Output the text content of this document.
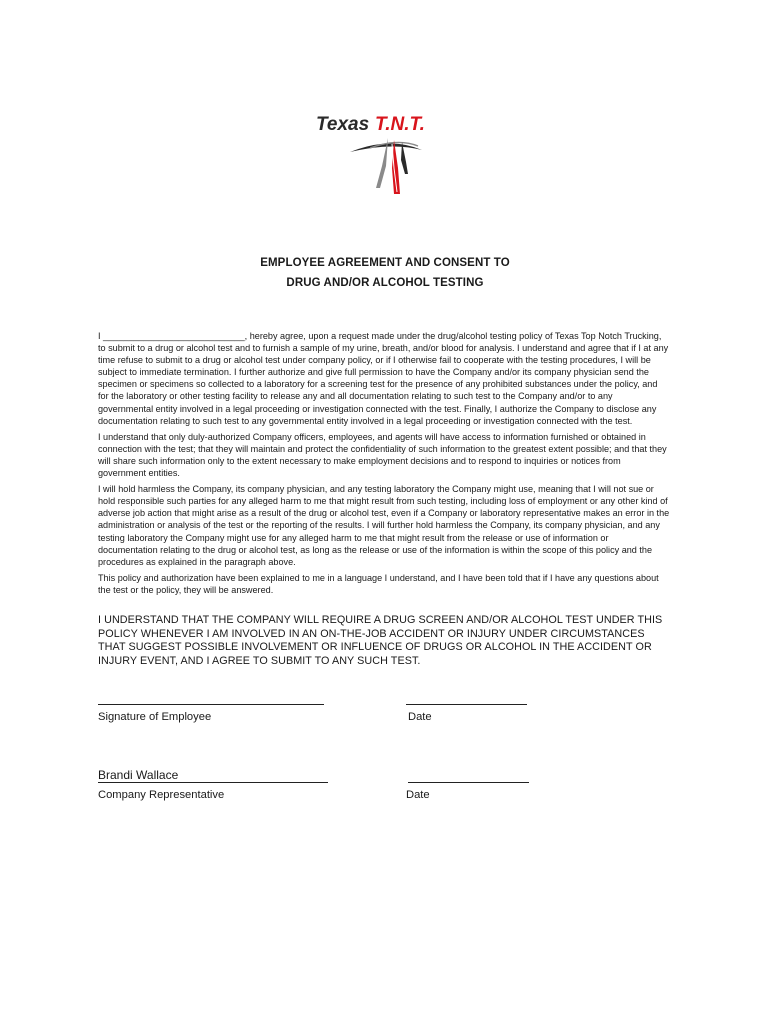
Texas T.N.T.
EMPLOYEE AGREEMENT AND CONSENT TO
DRUG AND/OR ALCOHOL TESTING

I ____________________________, hereby agree, upon a request made under the drug/alcohol testing policy of Texas Top Notch Trucking, to submit to a drug or alcohol test and to furnish a sample of my urine, breath, and/or blood for analysis. I understand and agree that if I at any time refuse to submit to a drug or alcohol test under company policy, or if I otherwise fail to cooperate with the testing procedures, I will be subject to immediate termination. I further authorize and give full permission to have the Company and/or its company physician send the specimen or specimens so collected to a laboratory for a screening test for the presence of any prohibited substances under the policy, and for the laboratory or other testing facility to release any and all documentation relating to such test to the Company and/or to any governmental entity involved in a legal proceeding or investigation connected with the test. Finally, I authorize the Company to disclose any documentation relating to such test to any governmental entity involved in a legal proceeding or investigation connected with the test.

I understand that only duly-authorized Company officers, employees, and agents will have access to information furnished or obtained in connection with the test; that they will maintain and protect the confidentiality of such information to the greatest extent possible; and that they will share such information only to the extent necessary to make employment decisions and to respond to inquiries or notices from government entities.

I will hold harmless the Company, its company physician, and any testing laboratory the Company might use, meaning that I will not sue or hold responsible such parties for any alleged harm to me that might result from such testing, including loss of employment or any other kind of adverse job action that might arise as a result of the drug or alcohol test, even if a Company or laboratory representative makes an error in the administration or analysis of the test or the reporting of the results. I will further hold harmless the Company, its company physician, and any testing laboratory the Company might use for any alleged harm to me that might result from the release or use of information or documentation relating to the drug or alcohol test, as long as the release or use of the information is within the scope of this policy and the procedures as explained in the paragraph above.

This policy and authorization have been explained to me in a language I understand, and I have been told that if I have any questions about the test or the policy, they will be answered.

I UNDERSTAND THAT THE COMPANY WILL REQUIRE A DRUG SCREEN AND/OR ALCOHOL TEST UNDER THIS POLICY WHENEVER I AM INVOLVED IN AN ON-THE-JOB ACCIDENT OR INJURY UNDER CIRCUMSTANCES THAT SUGGEST POSSIBLE INVOLVEMENT OR INFLUENCE OF DRUGS OR ALCOHOL IN THE ACCIDENT OR INJURY EVENT, AND I AGREE TO SUBMIT TO ANY SUCH TEST.
Signature of Employee	Date
Brandi Wallace
Company Representative	Date
